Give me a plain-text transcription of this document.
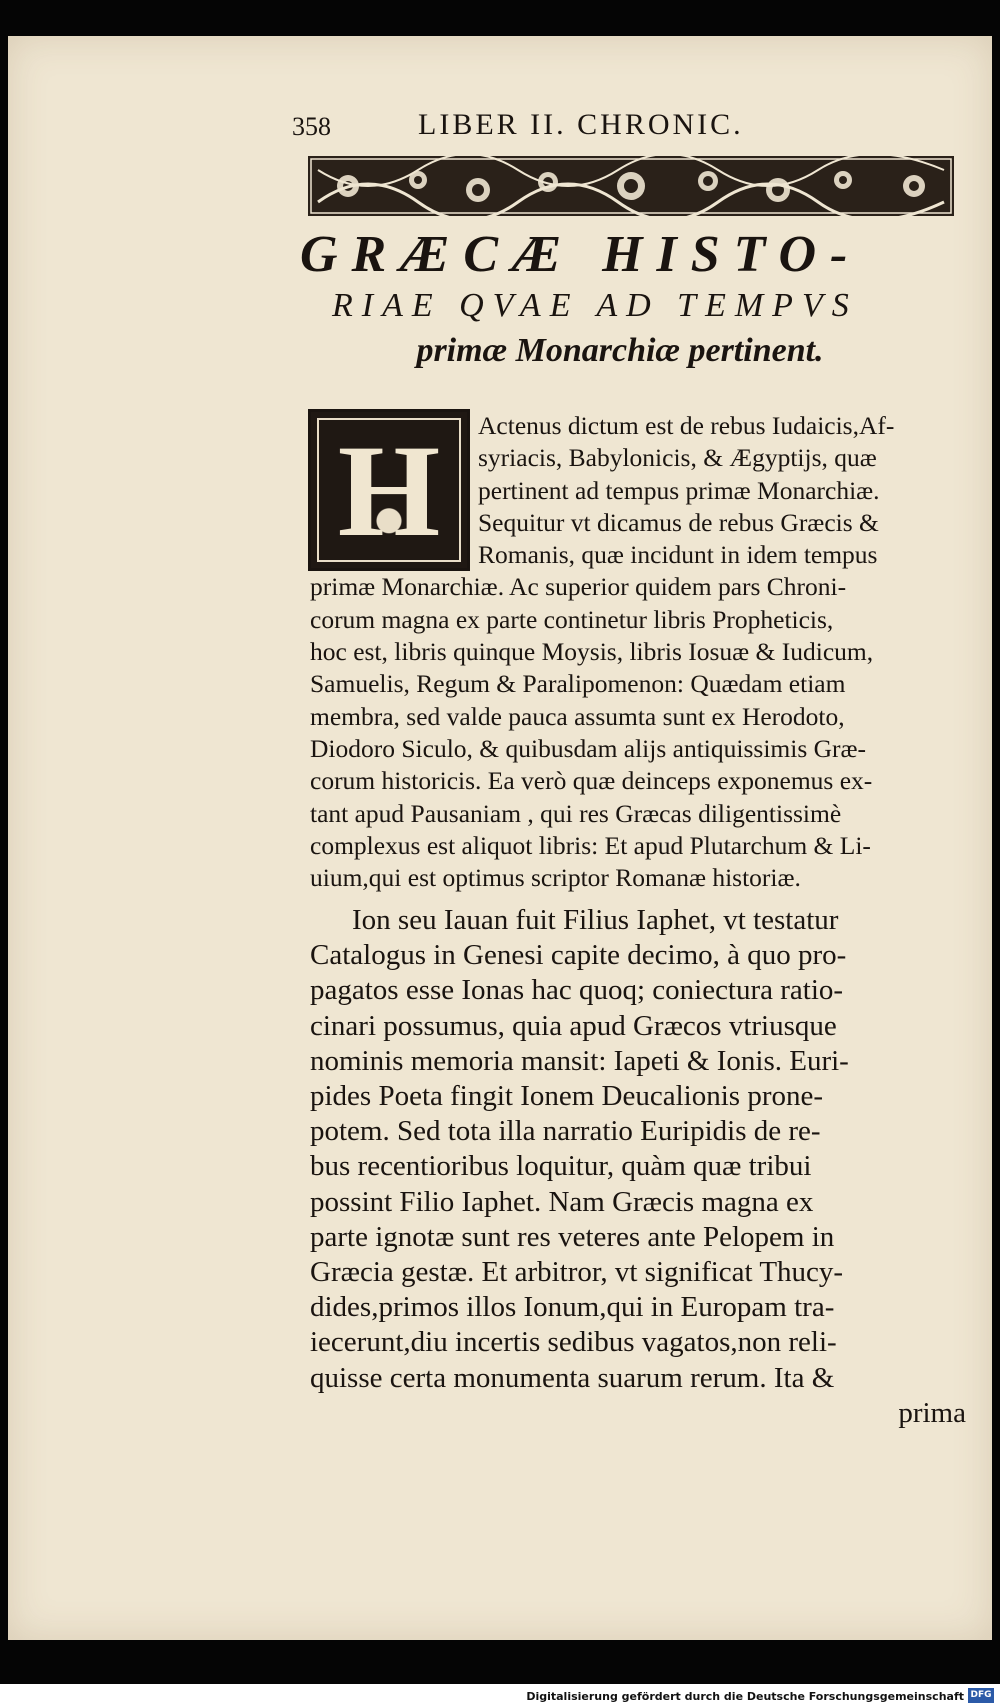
358	LIBER II. CHRONIC.
GRÆCÆ HISTO-
RIAE QVAE AD TEMPVS
primæ Monarchiæ pertinent.
H	Actenus dictum est de rebus Iudaicis,Af-
syriacis, Babylonicis, & Ægyptijs, quæ
pertinent ad tempus primæ Monarchiæ.
Sequitur vt dicamus de rebus Græcis &
Romanis, quæ incidunt in idem tempus
primæ Monarchiæ. Ac superior quidem pars Chroni-
corum magna ex parte continetur libris Propheticis,
hoc est, libris quinque Moysis, libris Iosuæ & Iudicum,
Samuelis, Regum & Paralipomenon: Quædam etiam
membra, sed valde pauca assumta sunt ex Herodoto,
Diodoro Siculo, & quibusdam alijs antiquissimis Græ-
corum historicis. Ea verò quæ deinceps exponemus ex-
tant apud Pausaniam , qui res Græcas diligentissimè
complexus est aliquot libris: Et apud Plutarchum & Li-
uium,qui est optimus scriptor Romanæ historiæ.
Ion seu Iauan fuit Filius Iaphet, vt testatur
Catalogus in Genesi capite decimo, à quo pro-
pagatos esse Ionas hac quoq; coniectura ratio-
cinari possumus, quia apud Græcos vtriusque
nominis memoria mansit: Iapeti & Ionis. Euri-
pides Poeta fingit Ionem Deucalionis prone-
potem. Sed tota illa narratio Euripidis de re-
bus recentioribus loquitur, quàm quæ tribui
possint Filio Iaphet. Nam Græcis magna ex
parte ignotæ sunt res veteres ante Pelopem in
Græcia gestæ. Et arbitror, vt significat Thucy-
dides,primos illos Ionum,qui in Europam tra-
iecerunt,diu incertis sedibus vagatos,non reli-
quisse certa monumenta suarum rerum. Ita &
prima
Digitalisierung gefördert durch die Deutsche Forschungsgemeinschaft DFG
